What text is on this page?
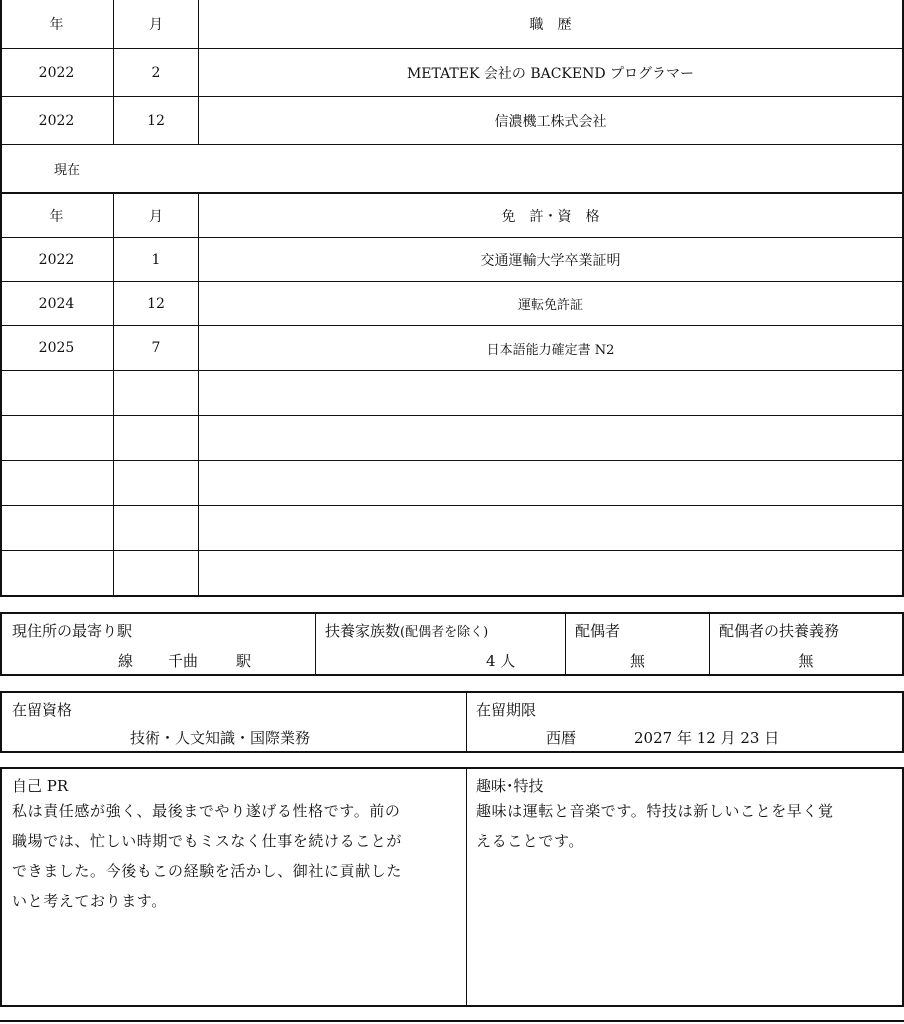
年	月	職　歴
2022	2	METATEK 会社の BACKEND プログラマー
2022	12	信濃機工株式会社
現在
年	月	免　許・資　格
2022	1	交通運輸大学卒業証明
2024	12	運転免許証
2025	7	日本語能力確定書 N2
現住所の最寄り駅
線 千曲	駅
扶養家族数(配偶者を除く)
4 人
配偶者
無
配偶者の扶養義務
無
在留資格
技術・人文知識・国際業務
在留期限
西暦	2027 年 12 月 23 日
自己 PR
私は責任感が強く、最後までやり遂げる性格です。前の
職場では、忙しい時期でもミスなく仕事を続けることが
できました。今後もこの経験を活かし、御社に貢献した
いと考えております。
趣味･特技
趣味は運転と音楽です。特技は新しいことを早く覚
えることです。
